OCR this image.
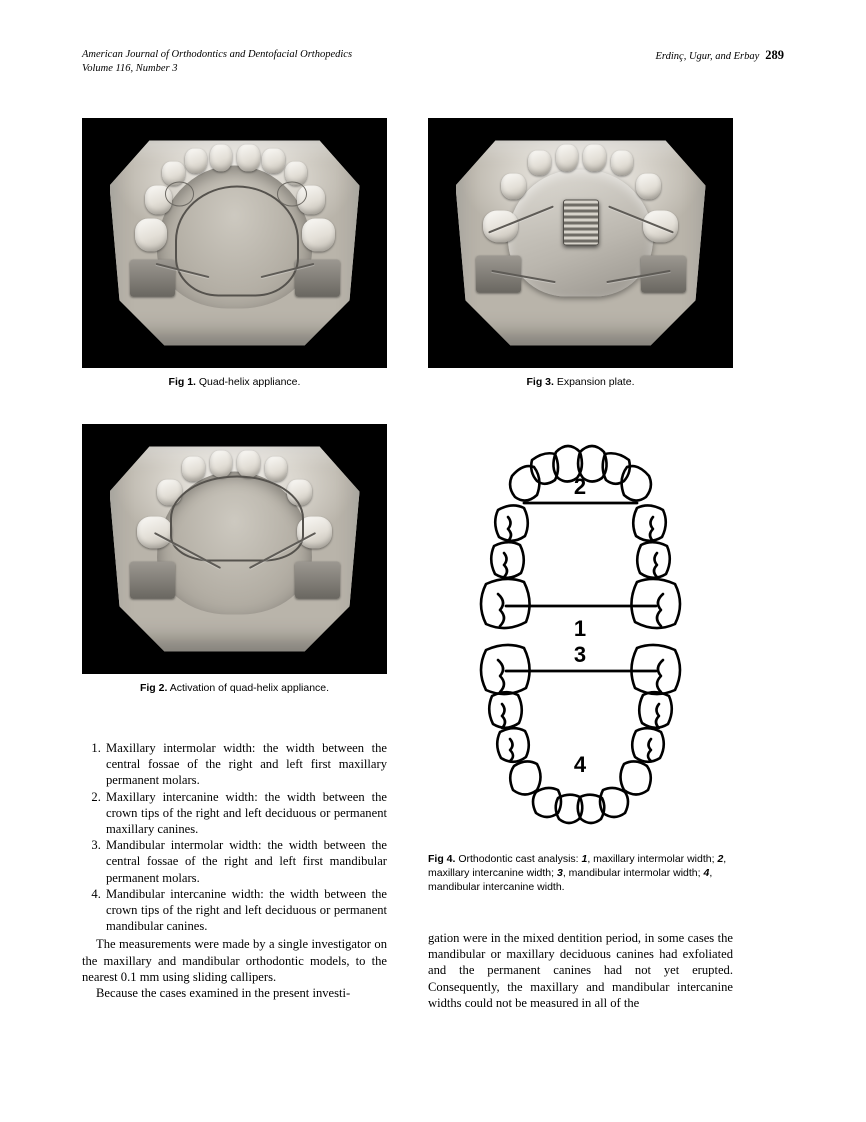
American Journal of Orthodontics and Dentofacial Orthopedics
Volume 116, Number 3
Erdinç, Ugur, and Erbay 289
Fig 1. Quad-helix appliance.	Fig 3. Expansion plate.
Fig 2. Activation of quad-helix appliance.
2
1
3
4
Fig 4. Orthodontic cast analysis: 1, maxillary intermolar width; 2, maxillary intercanine width; 3, mandibular intermolar width; 4, mandibular intercanine width.
1. Maxillary intermolar width: the width between the central fossae of the right and left first maxillary permanent molars.
2. Maxillary intercanine width: the width between the crown tips of the right and left deciduous or permanent maxillary canines.
3. Mandibular intermolar width: the width between the central fossae of the right and left first mandibular permanent molars.
4. Mandibular intercanine width: the width between the crown tips of the right and left deciduous or permanent mandibular canines.

The measurements were made by a single investigator on the maxillary and mandibular orthodontic models, to the nearest 0.1 mm using sliding callipers.

Because the cases examined in the present investi-

gation were in the mixed dentition period, in some cases the mandibular or maxillary deciduous canines had exfoliated and the permanent canines had not yet erupted. Consequently, the maxillary and mandibular intercanine widths could not be measured in all of the
